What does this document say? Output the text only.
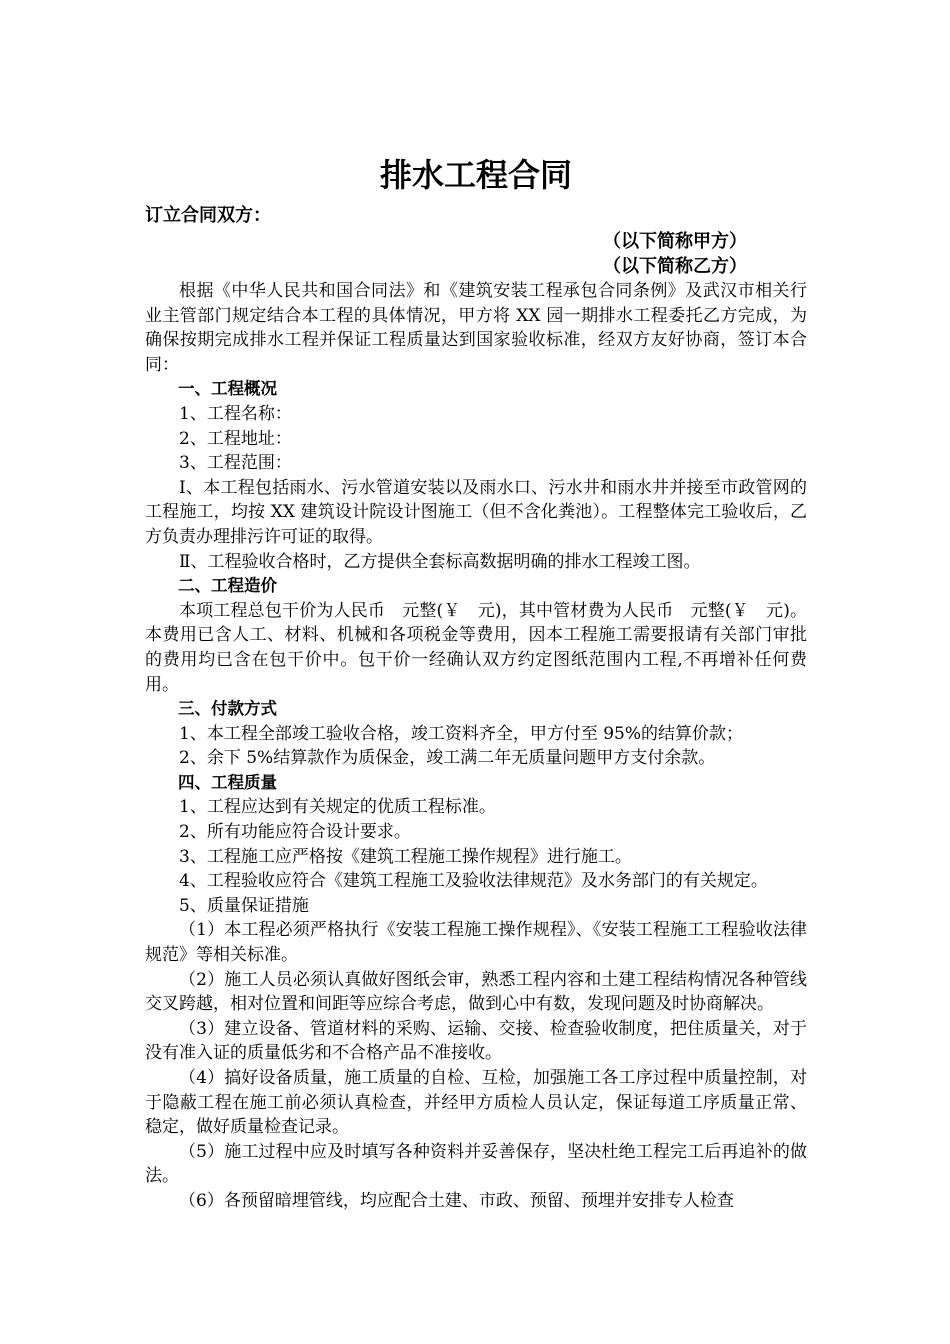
排水工程合同
订立合同双方：
（以下简称甲方）
（以下简称乙方）

根据《中华人民共和国合同法》和《建筑安装工程承包合同条例》及武汉市相关行业主管部门规定结合本工程的具体情况，甲方将 XX 园一期排水工程委托乙方完成，为确保按期完成排水工程并保证工程质量达到国家验收标准，经双方友好协商，签订本合同：

一、工程概况

1、工程名称：

2、工程地址：

3、工程范围：

Ⅰ、本工程包括雨水、污水管道安装以及雨水口、污水井和雨水井并接至市政管网的工程施工，均按 XX 建筑设计院设计图施工（但不含化粪池）。工程整体完工验收后，乙方负责办理排污许可证的取得。

Ⅱ、工程验收合格时，乙方提供全套标高数据明确的排水工程竣工图。

二、工程造价

本项工程总包干价为人民币　元整(￥　元)，其中管材费为人民币　元整(￥　元)。本费用已含人工、材料、机械和各项税金等费用，因本工程施工需要报请有关部门审批的费用均已含在包干价中。包干价一经确认双方约定图纸范围内工程,不再增补任何费用。

三、付款方式

1、本工程全部竣工验收合格，竣工资料齐全，甲方付至 95%的结算价款；

2、余下 5%结算款作为质保金，竣工满二年无质量问题甲方支付余款。

四、工程质量

1、工程应达到有关规定的优质工程标准。

2、所有功能应符合设计要求。

3、工程施工应严格按《建筑工程施工操作规程》进行施工。

4、工程验收应符合《建筑工程施工及验收法律规范》及水务部门的有关规定。

5、质量保证措施

（1）本工程必须严格执行《安装工程施工操作规程》、《安装工程施工工程验收法律规范》等相关标准。

（2）施工人员必须认真做好图纸会审，熟悉工程内容和土建工程结构情况各种管线交叉跨越，相对位置和间距等应综合考虑，做到心中有数，发现问题及时协商解决。

（3）建立设备、管道材料的采购、运输、交接、检查验收制度，把住质量关，对于没有准入证的质量低劣和不合格产品不准接收。

（4）搞好设备质量，施工质量的自检、互检，加强施工各工序过程中质量控制，对于隐蔽工程在施工前必须认真检查，并经甲方质检人员认定，保证每道工序质量正常、稳定，做好质量检查记录。

（5）施工过程中应及时填写各种资料并妥善保存，坚决杜绝工程完工后再追补的做法。

（6）各预留暗埋管线，均应配合土建、市政、预留、预埋并安排专人检查
